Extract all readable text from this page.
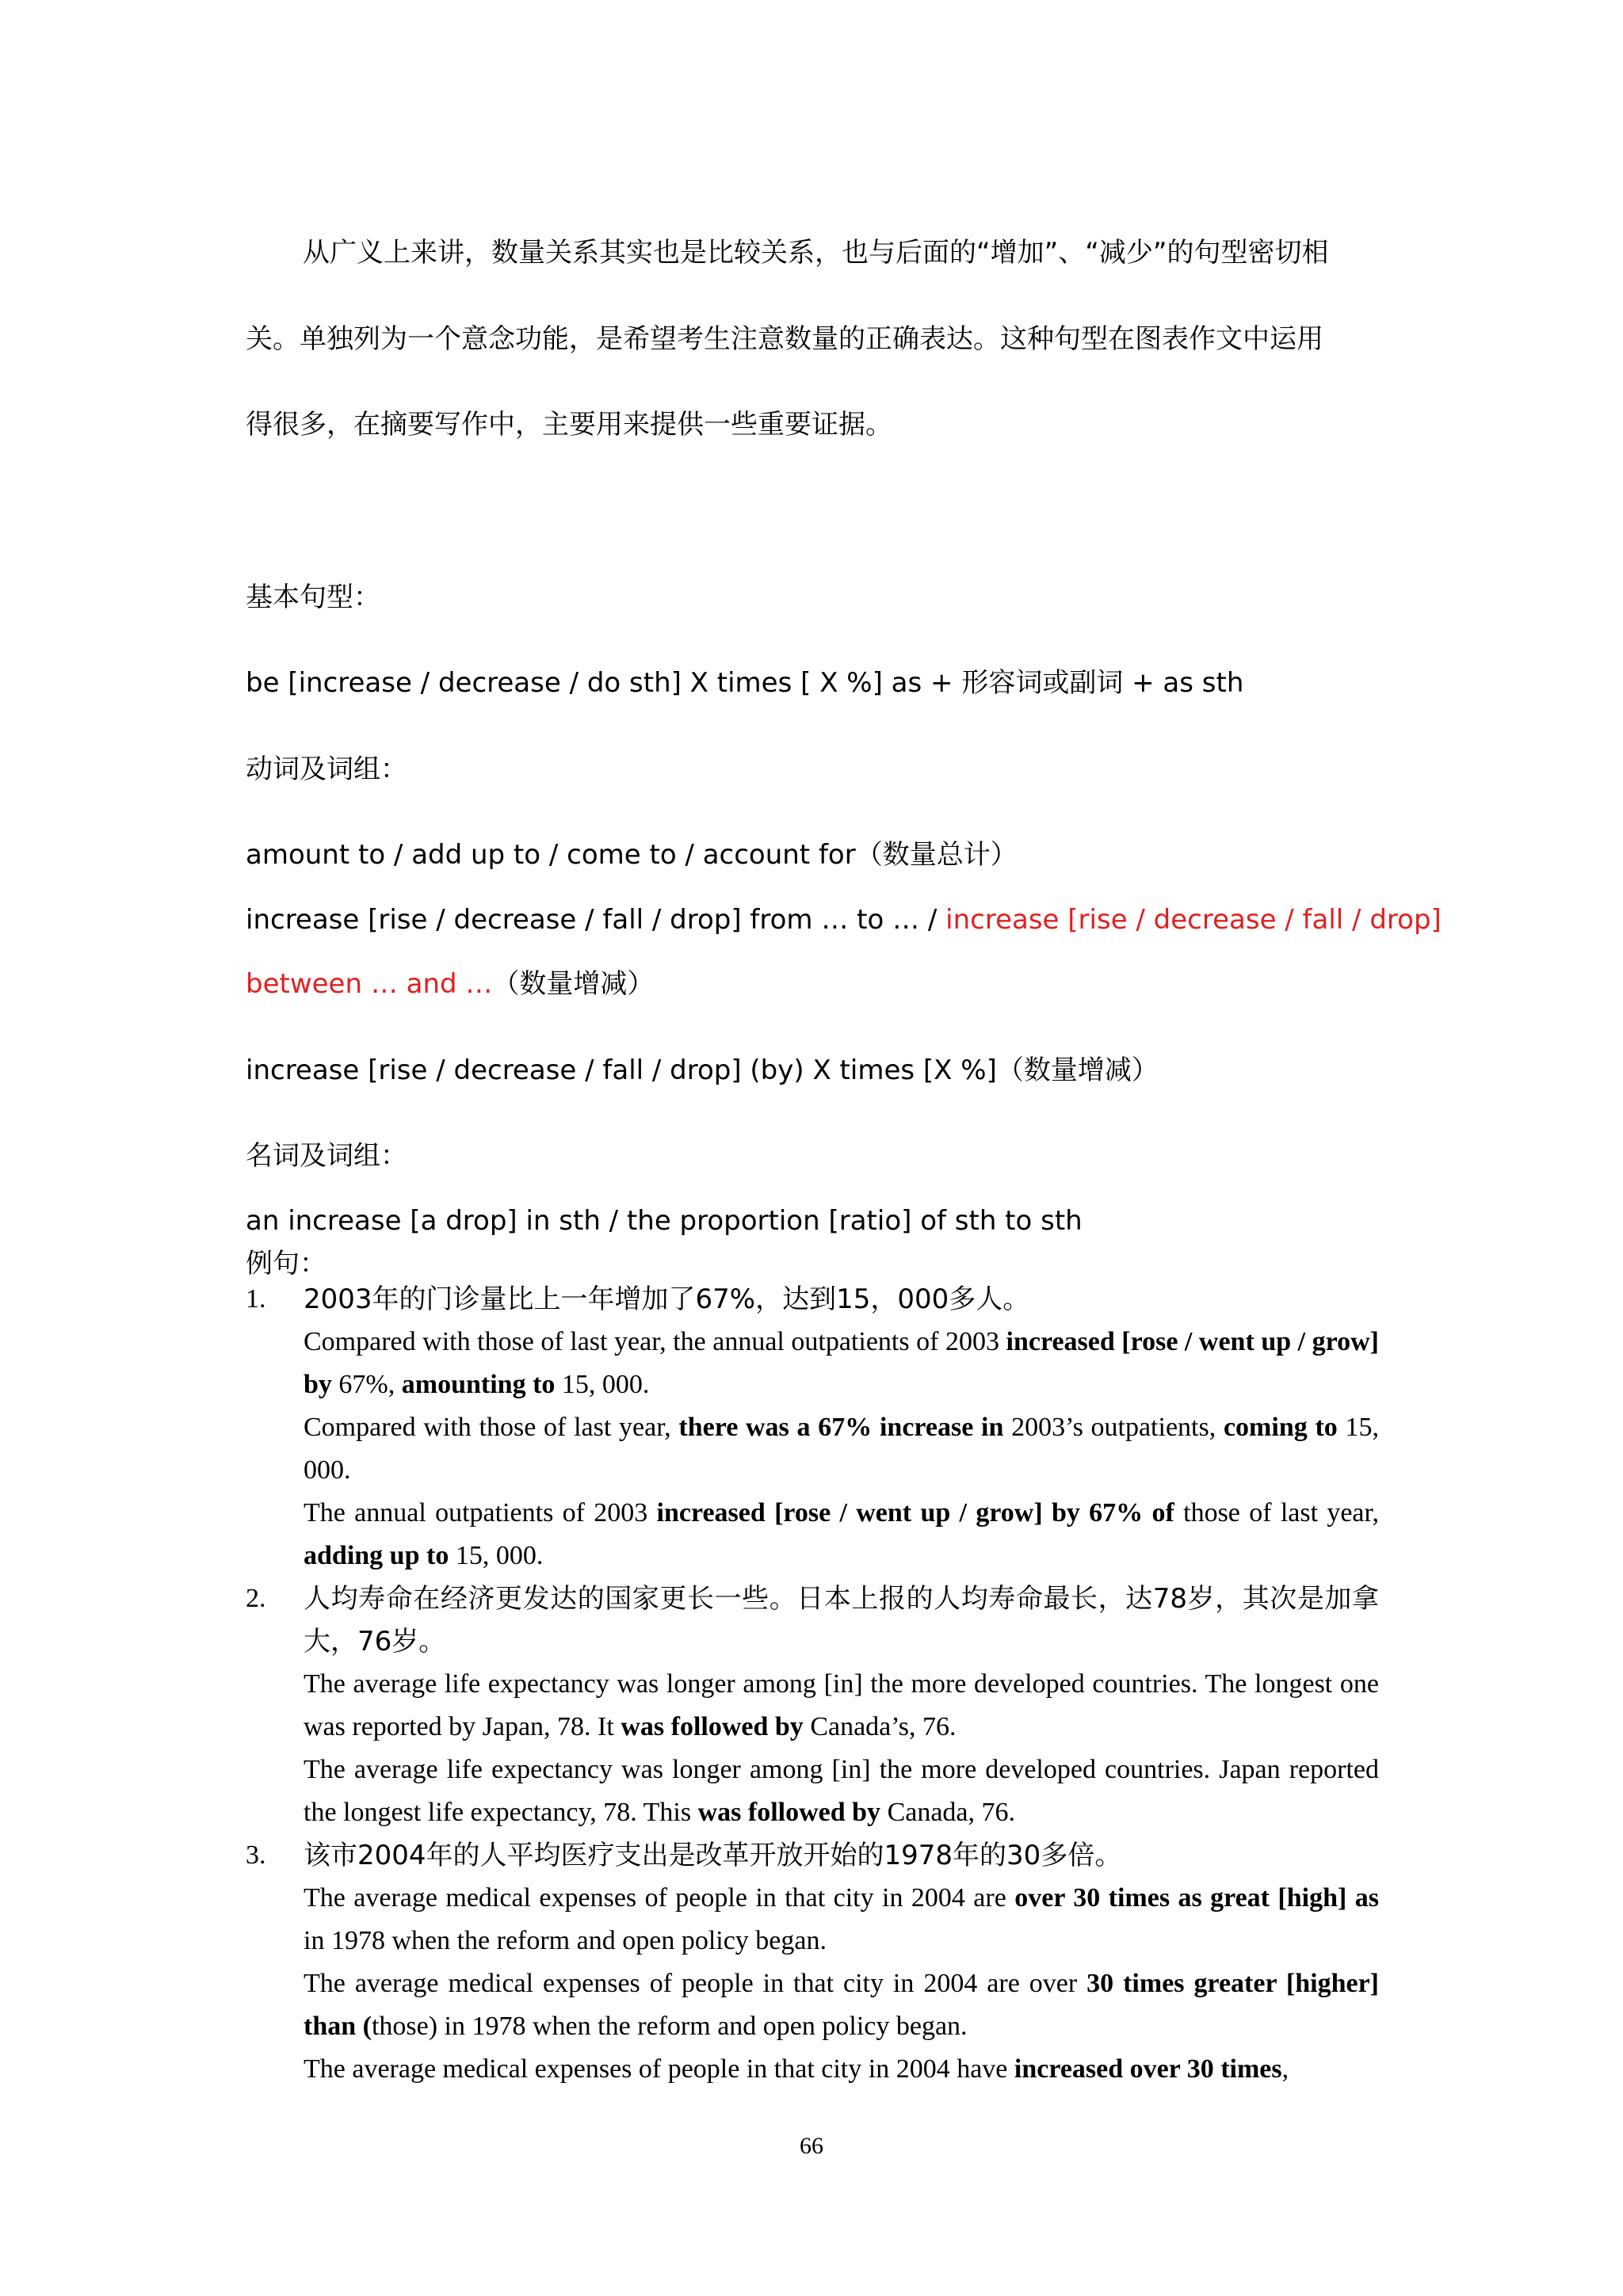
从广义上来讲，数量关系其实也是比较关系，也与后面的“增加”、“减少”的句型密切相
关。单独列为一个意念功能，是希望考生注意数量的正确表达。这种句型在图表作文中运用
得很多，在摘要写作中，主要用来提供一些重要证据。
基本句型：
be [increase / decrease / do sth] X times [ X %] as + 形容词或副词 + as sth
动词及词组：
amount to / add up to / come to / account for（数量总计）
increase [rise / decrease / fall / drop] from … to … / increase [rise / decrease / fall / drop]
between … and …（数量增减）
increase [rise / decrease / fall / drop] (by) X times [X %]（数量增减）
名词及词组：
an increase [a drop] in sth / the proportion [ratio] of sth to sth
例句：
1. 2003年的门诊量比上一年增加了67%，达到15，000多人。
Compared with those of last year, the annual outpatients of 2003 increased [rose / went up / grow] by 67%, amounting to 15, 000.
Compared with those of last year, there was a 67% increase in 2003’s outpatients, coming to 15, 000.
The annual outpatients of 2003 increased [rose / went up / grow] by 67% of those of last year, adding up to 15, 000.
2. 人均寿命在经济更发达的国家更长一些。日本上报的人均寿命最长，达78岁，其次是加拿大，76岁。
The average life expectancy was longer among [in] the more developed countries. The longest one was reported by Japan, 78. It was followed by Canada’s, 76.
The average life expectancy was longer among [in] the more developed countries. Japan reported the longest life expectancy, 78. This was followed by Canada, 76.
3. 该市2004年的人平均医疗支出是改革开放开始的1978年的30多倍。
The average medical expenses of people in that city in 2004 are over 30 times as great [high] as in 1978 when the reform and open policy began.
The average medical expenses of people in that city in 2004 are over 30 times greater [higher] than (those) in 1978 when the reform and open policy began.
The average medical expenses of people in that city in 2004 have increased over 30 times,
66
